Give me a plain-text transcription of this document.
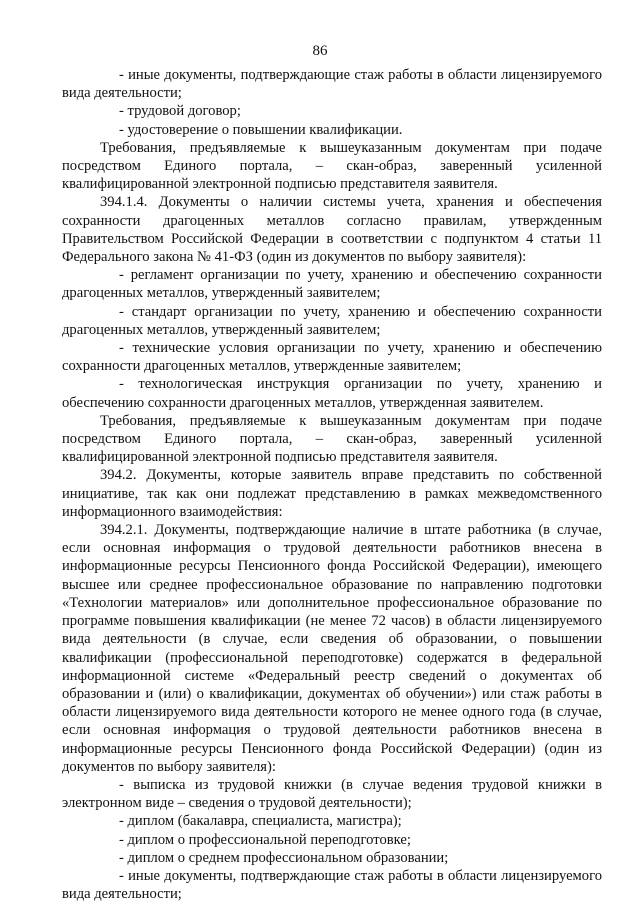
86

- иные документы, подтверждающие стаж работы в области лицензируемого вида деятельности;

- трудовой договор;

- удостоверение о повышении квалификации.

Требования, предъявляемые к вышеуказанным документам при подаче посредством Единого портала, – скан-образ, заверенный усиленной квалифицированной электронной подписью представителя заявителя.

394.1.4. Документы о наличии системы учета, хранения и обеспечения сохранности драгоценных металлов согласно правилам, утвержденным Правительством Российской Федерации в соответствии с подпунктом 4 статьи 11 Федерального закона № 41-ФЗ (один из документов по выбору заявителя):

- регламент организации по учету, хранению и обеспечению сохранности драгоценных металлов, утвержденный заявителем;

- стандарт организации по учету, хранению и обеспечению сохранности драгоценных металлов, утвержденный заявителем;

- технические условия организации по учету, хранению и обеспечению сохранности драгоценных металлов, утвержденные заявителем;

- технологическая инструкция организации по учету, хранению и обеспечению сохранности драгоценных металлов, утвержденная заявителем.

Требования, предъявляемые к вышеуказанным документам при подаче посредством Единого портала, – скан-образ, заверенный усиленной квалифицированной электронной подписью представителя заявителя.

394.2. Документы, которые заявитель вправе представить по собственной инициативе, так как они подлежат представлению в рамках межведомственного информационного взаимодействия:

394.2.1. Документы, подтверждающие наличие в штате работника (в случае, если основная информация о трудовой деятельности работников внесена в информационные ресурсы Пенсионного фонда Российской Федерации), имеющего высшее или среднее профессиональное образование по направлению подготовки «Технологии материалов» или дополнительное профессиональное образование по программе повышения квалификации (не менее 72 часов) в области лицензируемого вида деятельности (в случае, если сведения об образовании, о повышении квалификации (профессиональной переподготовке) содержатся в федеральной информационной системе «Федеральный реестр сведений о документах об образовании и (или) о квалификации, документах об обучении») или стаж работы в области лицензируемого вида деятельности которого не менее одного года (в случае, если основная информация о трудовой деятельности работников внесена в информационные ресурсы Пенсионного фонда Российской Федерации) (один из документов по выбору заявителя):

- выписка из трудовой книжки (в случае ведения трудовой книжки в электронном виде – сведения о трудовой деятельности);

- диплом (бакалавра, специалиста, магистра);

- диплом о профессиональной переподготовке;

- диплом о среднем профессиональном образовании;

- иные документы, подтверждающие стаж работы в области лицензируемого вида деятельности;
